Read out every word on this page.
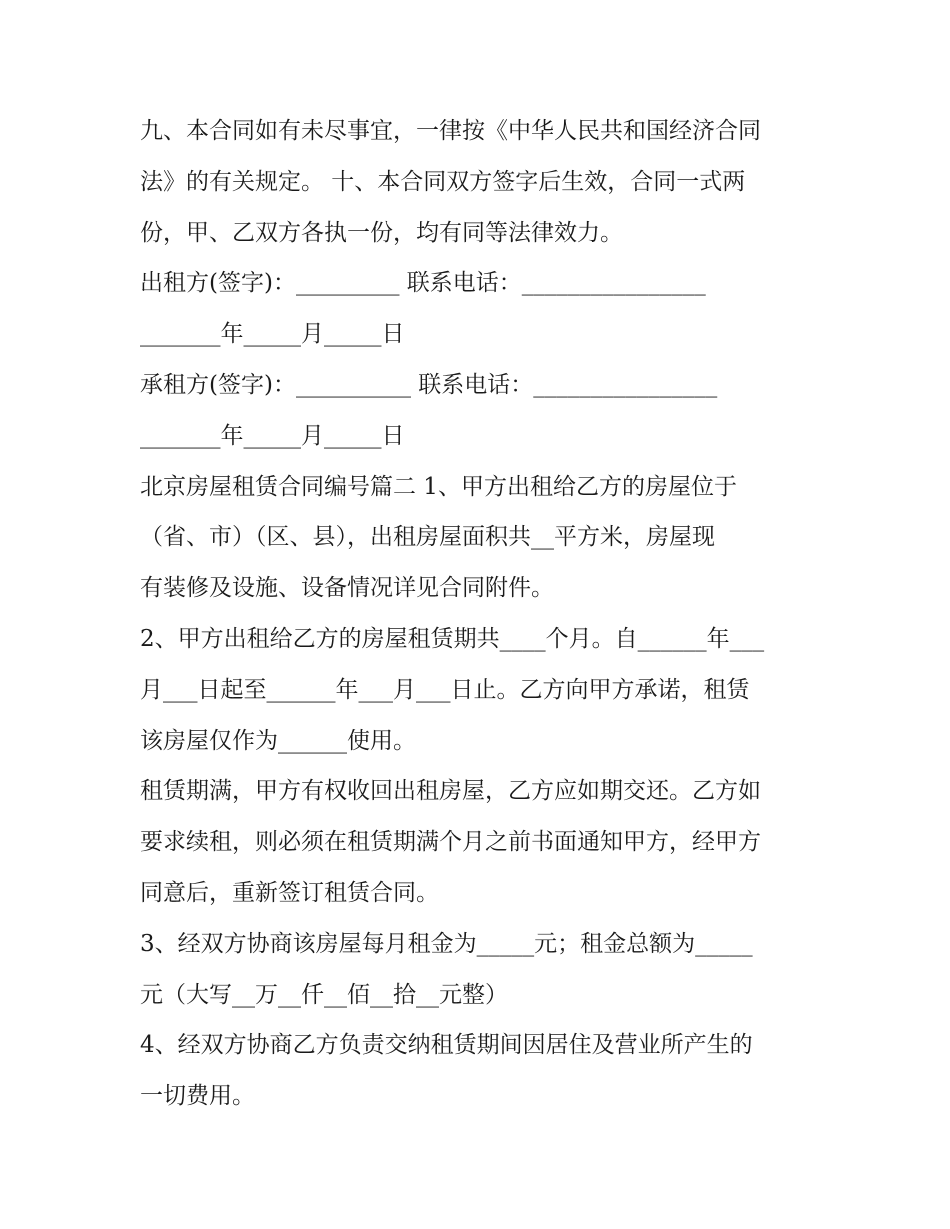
九、本合同如有未尽事宜，一律按《中华人民共和国经济合同
法》的有关规定。 十、本合同双方签字后生效，合同一式两
份，甲、乙双方各执一份，均有同等法律效力。
出租方(签字)：_________ 联系电话：________________
_______年_____月_____日
承租方(签字)：__________ 联系电话：________________
_______年_____月_____日
北京房屋租赁合同编号篇二 1、甲方出租给乙方的房屋位于
（省、市）（区、县），出租房屋面积共__平方米，房屋现
有装修及设施、设备情况详见合同附件。
2、甲方出租给乙方的房屋租赁期共____个月。自______年___
月___日起至______年___月___日止。乙方向甲方承诺，租赁
该房屋仅作为______使用。
租赁期满，甲方有权收回出租房屋，乙方应如期交还。乙方如
要求续租，则必须在租赁期满个月之前书面通知甲方，经甲方
同意后，重新签订租赁合同。
3、经双方协商该房屋每月租金为_____元；租金总额为_____
元（大写__万__仟__佰__拾__元整）
4、经双方协商乙方负责交纳租赁期间因居住及营业所产生的
一切费用。
